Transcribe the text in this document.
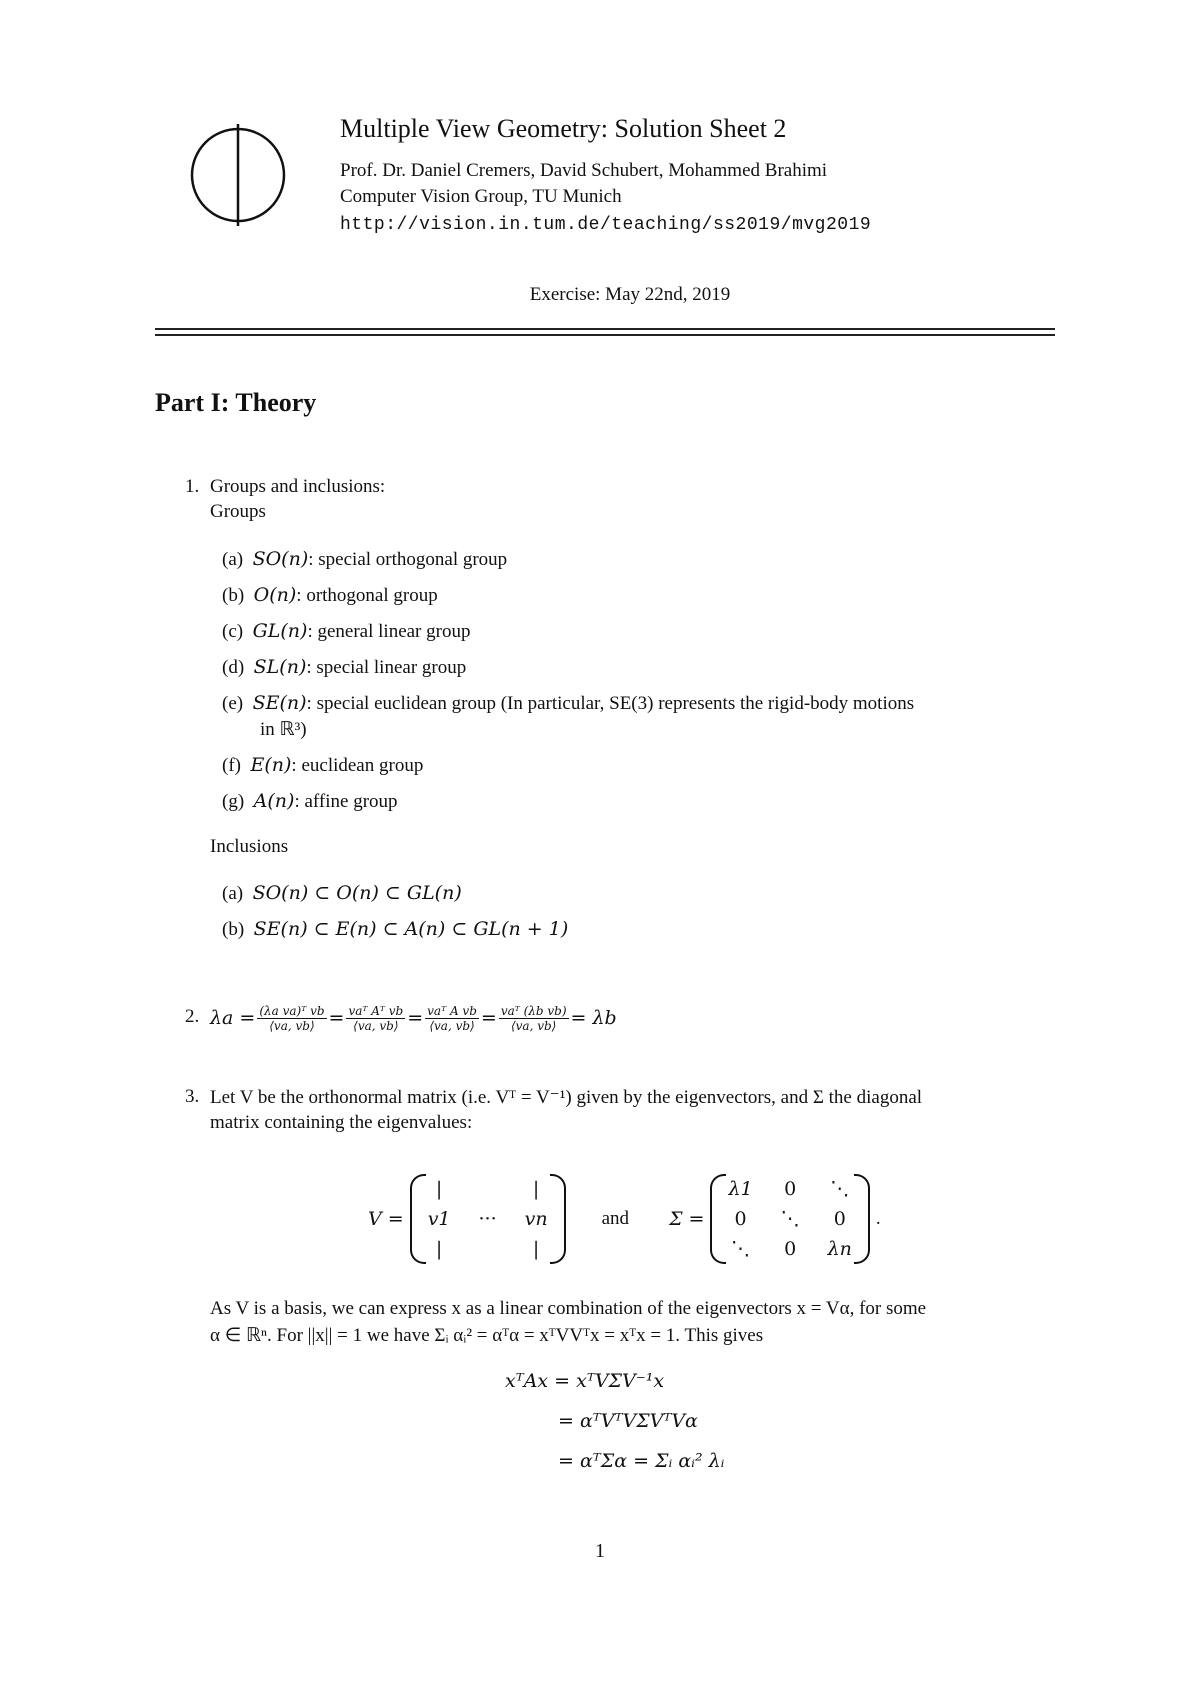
Multiple View Geometry: Solution Sheet 2
Prof. Dr. Daniel Cremers, David Schubert, Mohammed Brahimi
Computer Vision Group, TU Munich
http://vision.in.tum.de/teaching/ss2019/mvg2019
Exercise: May 22nd, 2019
Part I: Theory
1. Groups and inclusions:
Groups
(a) SO(n): special orthogonal group
(b) O(n): orthogonal group
(c) GL(n): general linear group
(d) SL(n): special linear group
(e) SE(n): special euclidean group (In particular, SE(3) represents the rigid-body motions
in ℝ³)
(f) E(n): euclidean group
(g) A(n): affine group
Inclusions
(a) SO(n) ⊂ O(n) ⊂ GL(n)
(b) SE(n) ⊂ E(n) ⊂ A(n) ⊂ GL(n + 1)
2. $\lambda a = \frac{\text{(λa va)ᵀ vb}}{⟨va, vb⟩} = \frac{\text{vaᵀ Aᵀ vb}}{⟨va, vb⟩} = \frac{\text{vaᵀ A vb}}{⟨va, vb⟩} = \frac{\text{vaᵀ (λb vb)}}{⟨va, vb⟩} = \lambda b$
3. Let V be the orthonormal matrix (i.e. Vᵀ = V⁻¹) given by the eigenvectors, and Σ the diagonal
matrix containing the eigenvalues:
V =
|		|
v1	···	vn
|		|
and Σ =
λ1	0	⋱
0	⋱	0
⋱	0	λn
.
As V is a basis, we can express x as a linear combination of the eigenvectors x = Vα, for some
α ∈ ℝⁿ. For ||x|| = 1 we have Σᵢ αᵢ² = αᵀα = xᵀVVᵀx = xᵀx = 1. This gives
xᵀAx = xᵀVΣV⁻¹x
= αᵀVᵀVΣVᵀVα
= αᵀΣα = Σᵢ αᵢ² λᵢ
1
